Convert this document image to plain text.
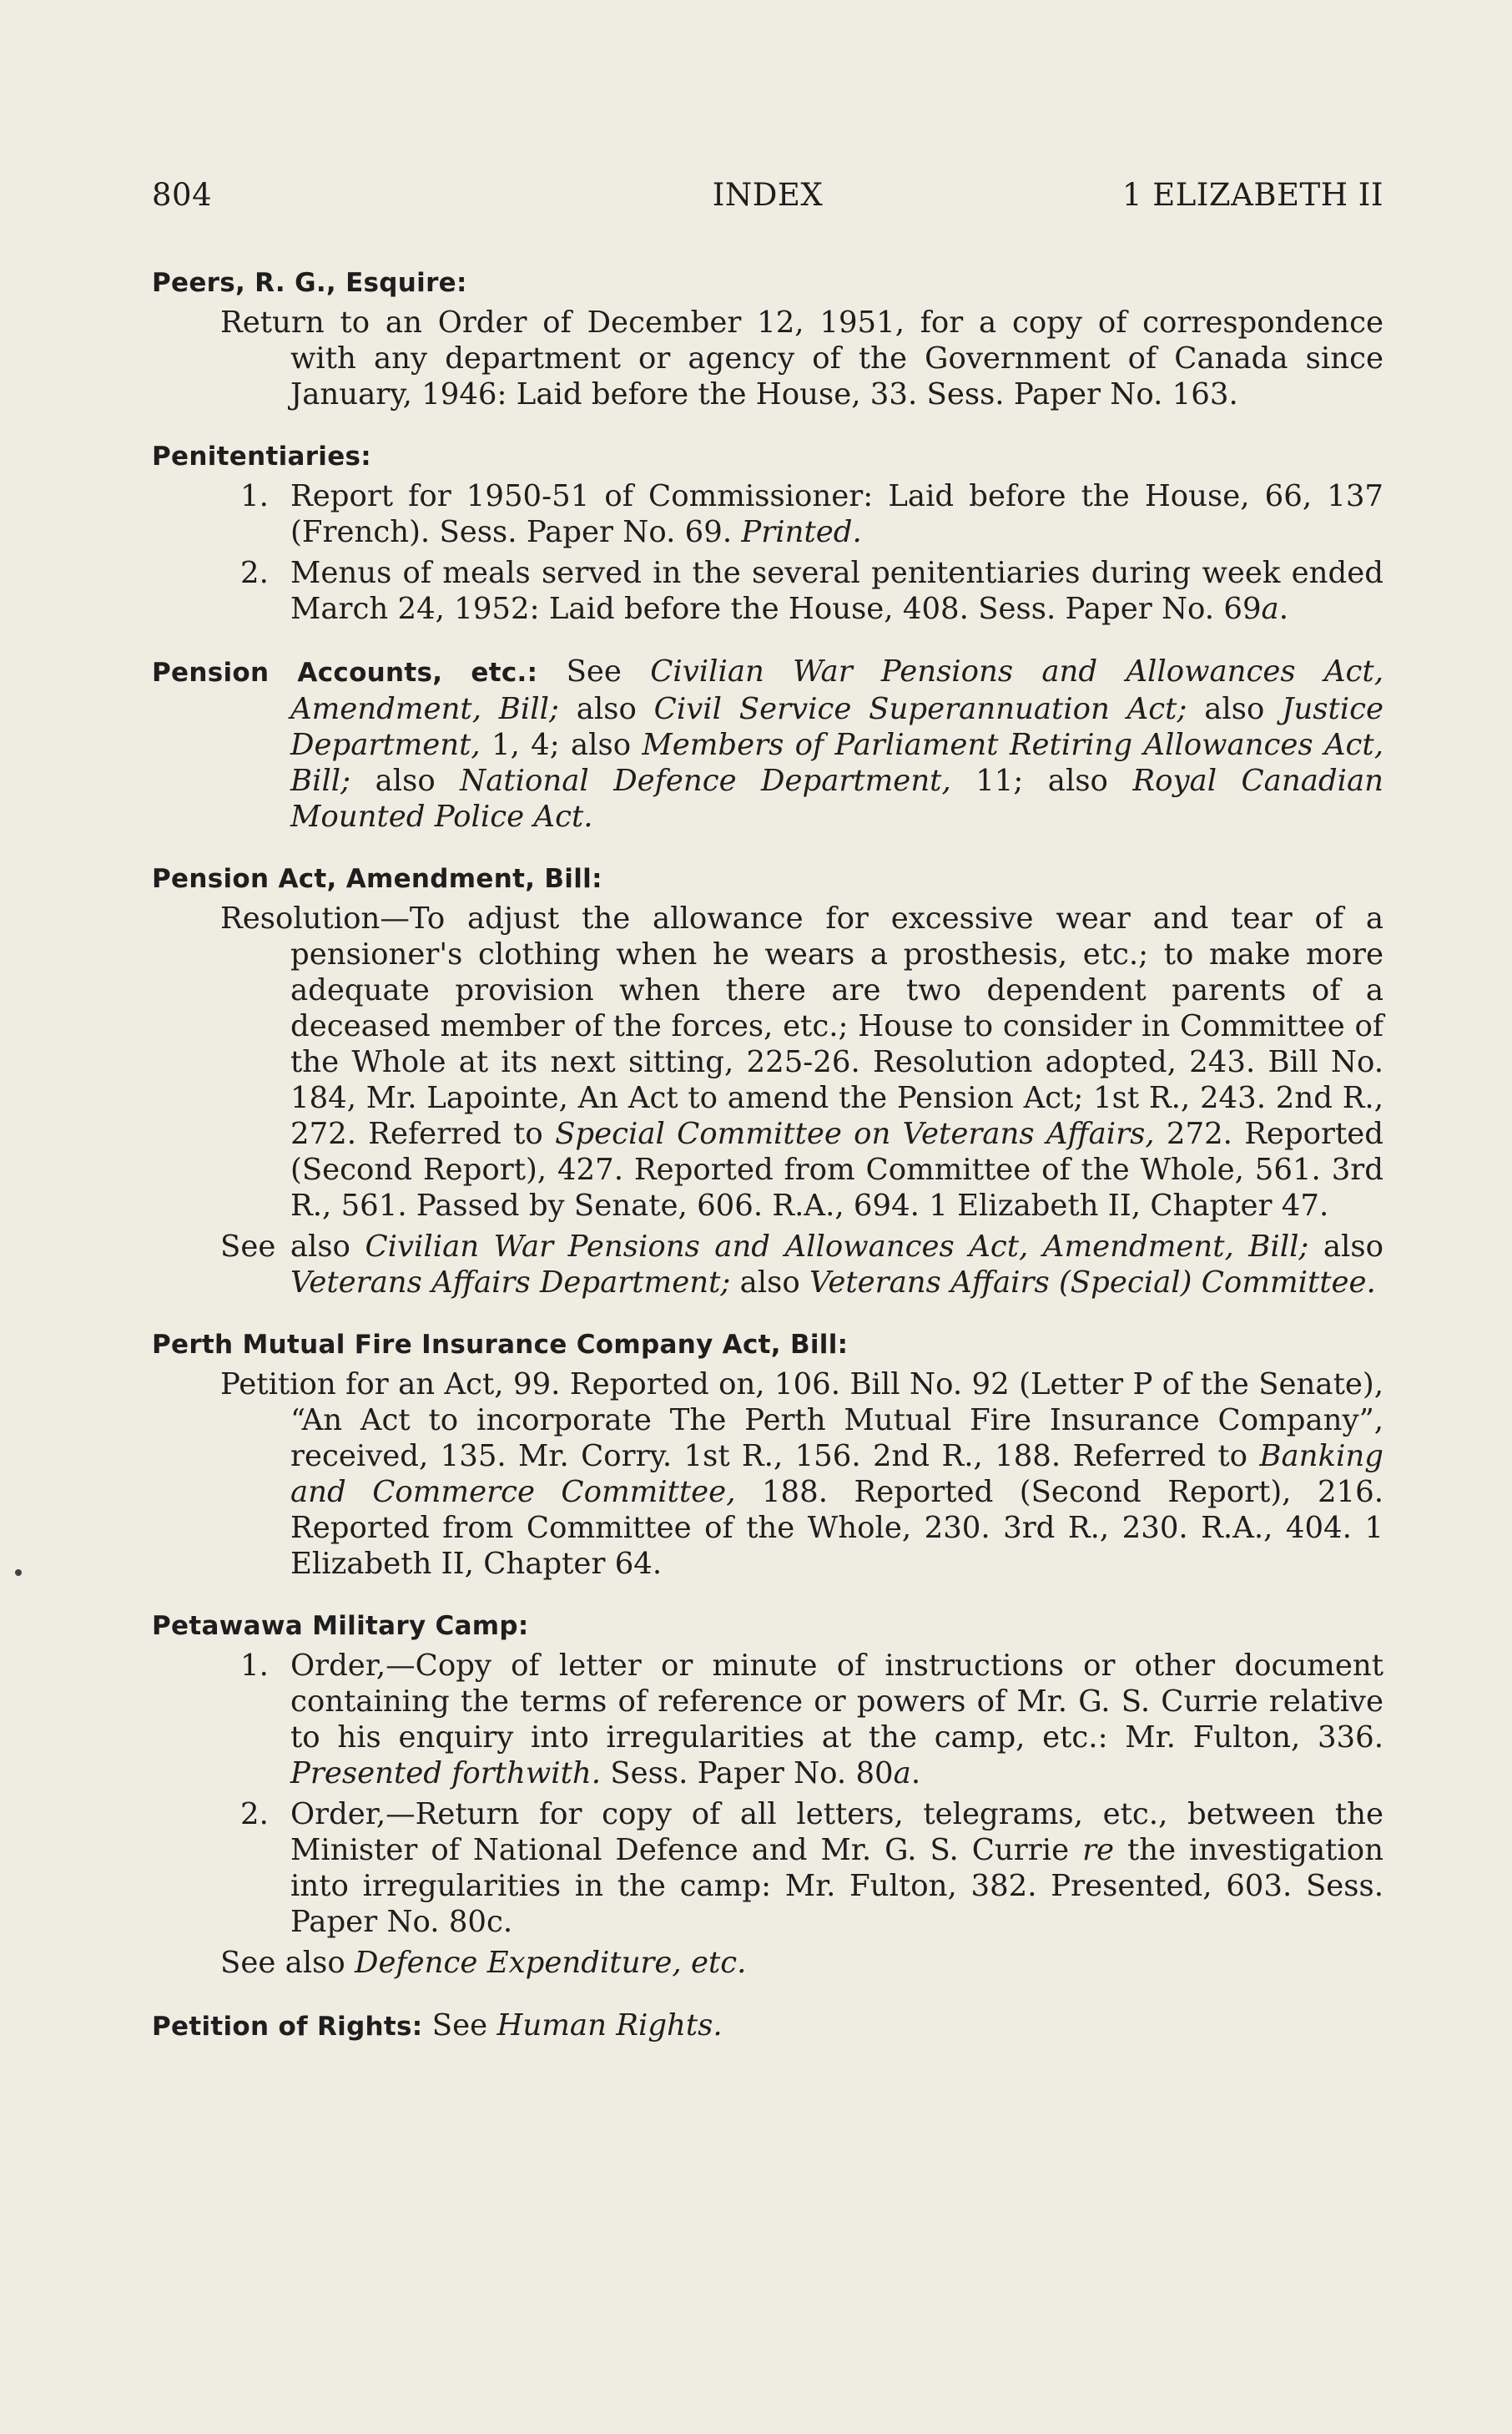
804	INDEX	1 ELIZABETH II
Peers, R. G., Esquire:

Return to an Order of December 12, 1951, for a copy of correspondence with any department or agency of the Government of Canada since January, 1946: Laid before the House, 33. Sess. Paper No. 163.

Penitentiaries:
1. Report for 1950-51 of Commissioner: Laid before the House, 66, 137 (French). Sess. Paper No. 69. Printed.
2. Menus of meals served in the several penitentiaries during week ended March 24, 1952: Laid before the House, 408. Sess. Paper No. 69a.

Pension Accounts, etc.: See Civilian War Pensions and Allowances Act, Amendment, Bill; also Civil Service Superannuation Act; also Justice Department, 1, 4; also Members of Parliament Retiring Allowances Act, Bill; also National Defence Department, 11; also Royal Canadian Mounted Police Act.

Pension Act, Amendment, Bill:

Resolution—To adjust the allowance for excessive wear and tear of a pensioner's clothing when he wears a prosthesis, etc.; to make more adequate provision when there are two dependent parents of a deceased member of the forces, etc.; House to consider in Committee of the Whole at its next sitting, 225-26. Resolution adopted, 243. Bill No. 184, Mr. Lapointe, An Act to amend the Pension Act; 1st R., 243. 2nd R., 272. Referred to Special Committee on Veterans Affairs, 272. Reported (Second Report), 427. Reported from Committee of the Whole, 561. 3rd R., 561. Passed by Senate, 606. R.A., 694. 1 Elizabeth II, Chapter 47.

See also Civilian War Pensions and Allowances Act, Amendment, Bill; also Veterans Affairs Department; also Veterans Affairs (Special) Committee.

Perth Mutual Fire Insurance Company Act, Bill:

Petition for an Act, 99. Reported on, 106. Bill No. 92 (Letter P of the Senate), “An Act to incorporate The Perth Mutual Fire Insurance Company”, received, 135. Mr. Corry. 1st R., 156. 2nd R., 188. Referred to Banking and Commerce Committee, 188. Reported (Second Report), 216. Reported from Committee of the Whole, 230. 3rd R., 230. R.A., 404. 1 Elizabeth II, Chapter 64.

Petawawa Military Camp:
1. Order,—Copy of letter or minute of instructions or other document containing the terms of reference or powers of Mr. G. S. Currie relative to his enquiry into irregularities at the camp, etc.: Mr. Fulton, 336. Presented forthwith. Sess. Paper No. 80a.
2. Order,—Return for copy of all letters, telegrams, etc., between the Minister of National Defence and Mr. G. S. Currie re the investigation into irregularities in the camp: Mr. Fulton, 382. Presented, 603. Sess. Paper No. 80c.

See also Defence Expenditure, etc.

Petition of Rights: See Human Rights.
